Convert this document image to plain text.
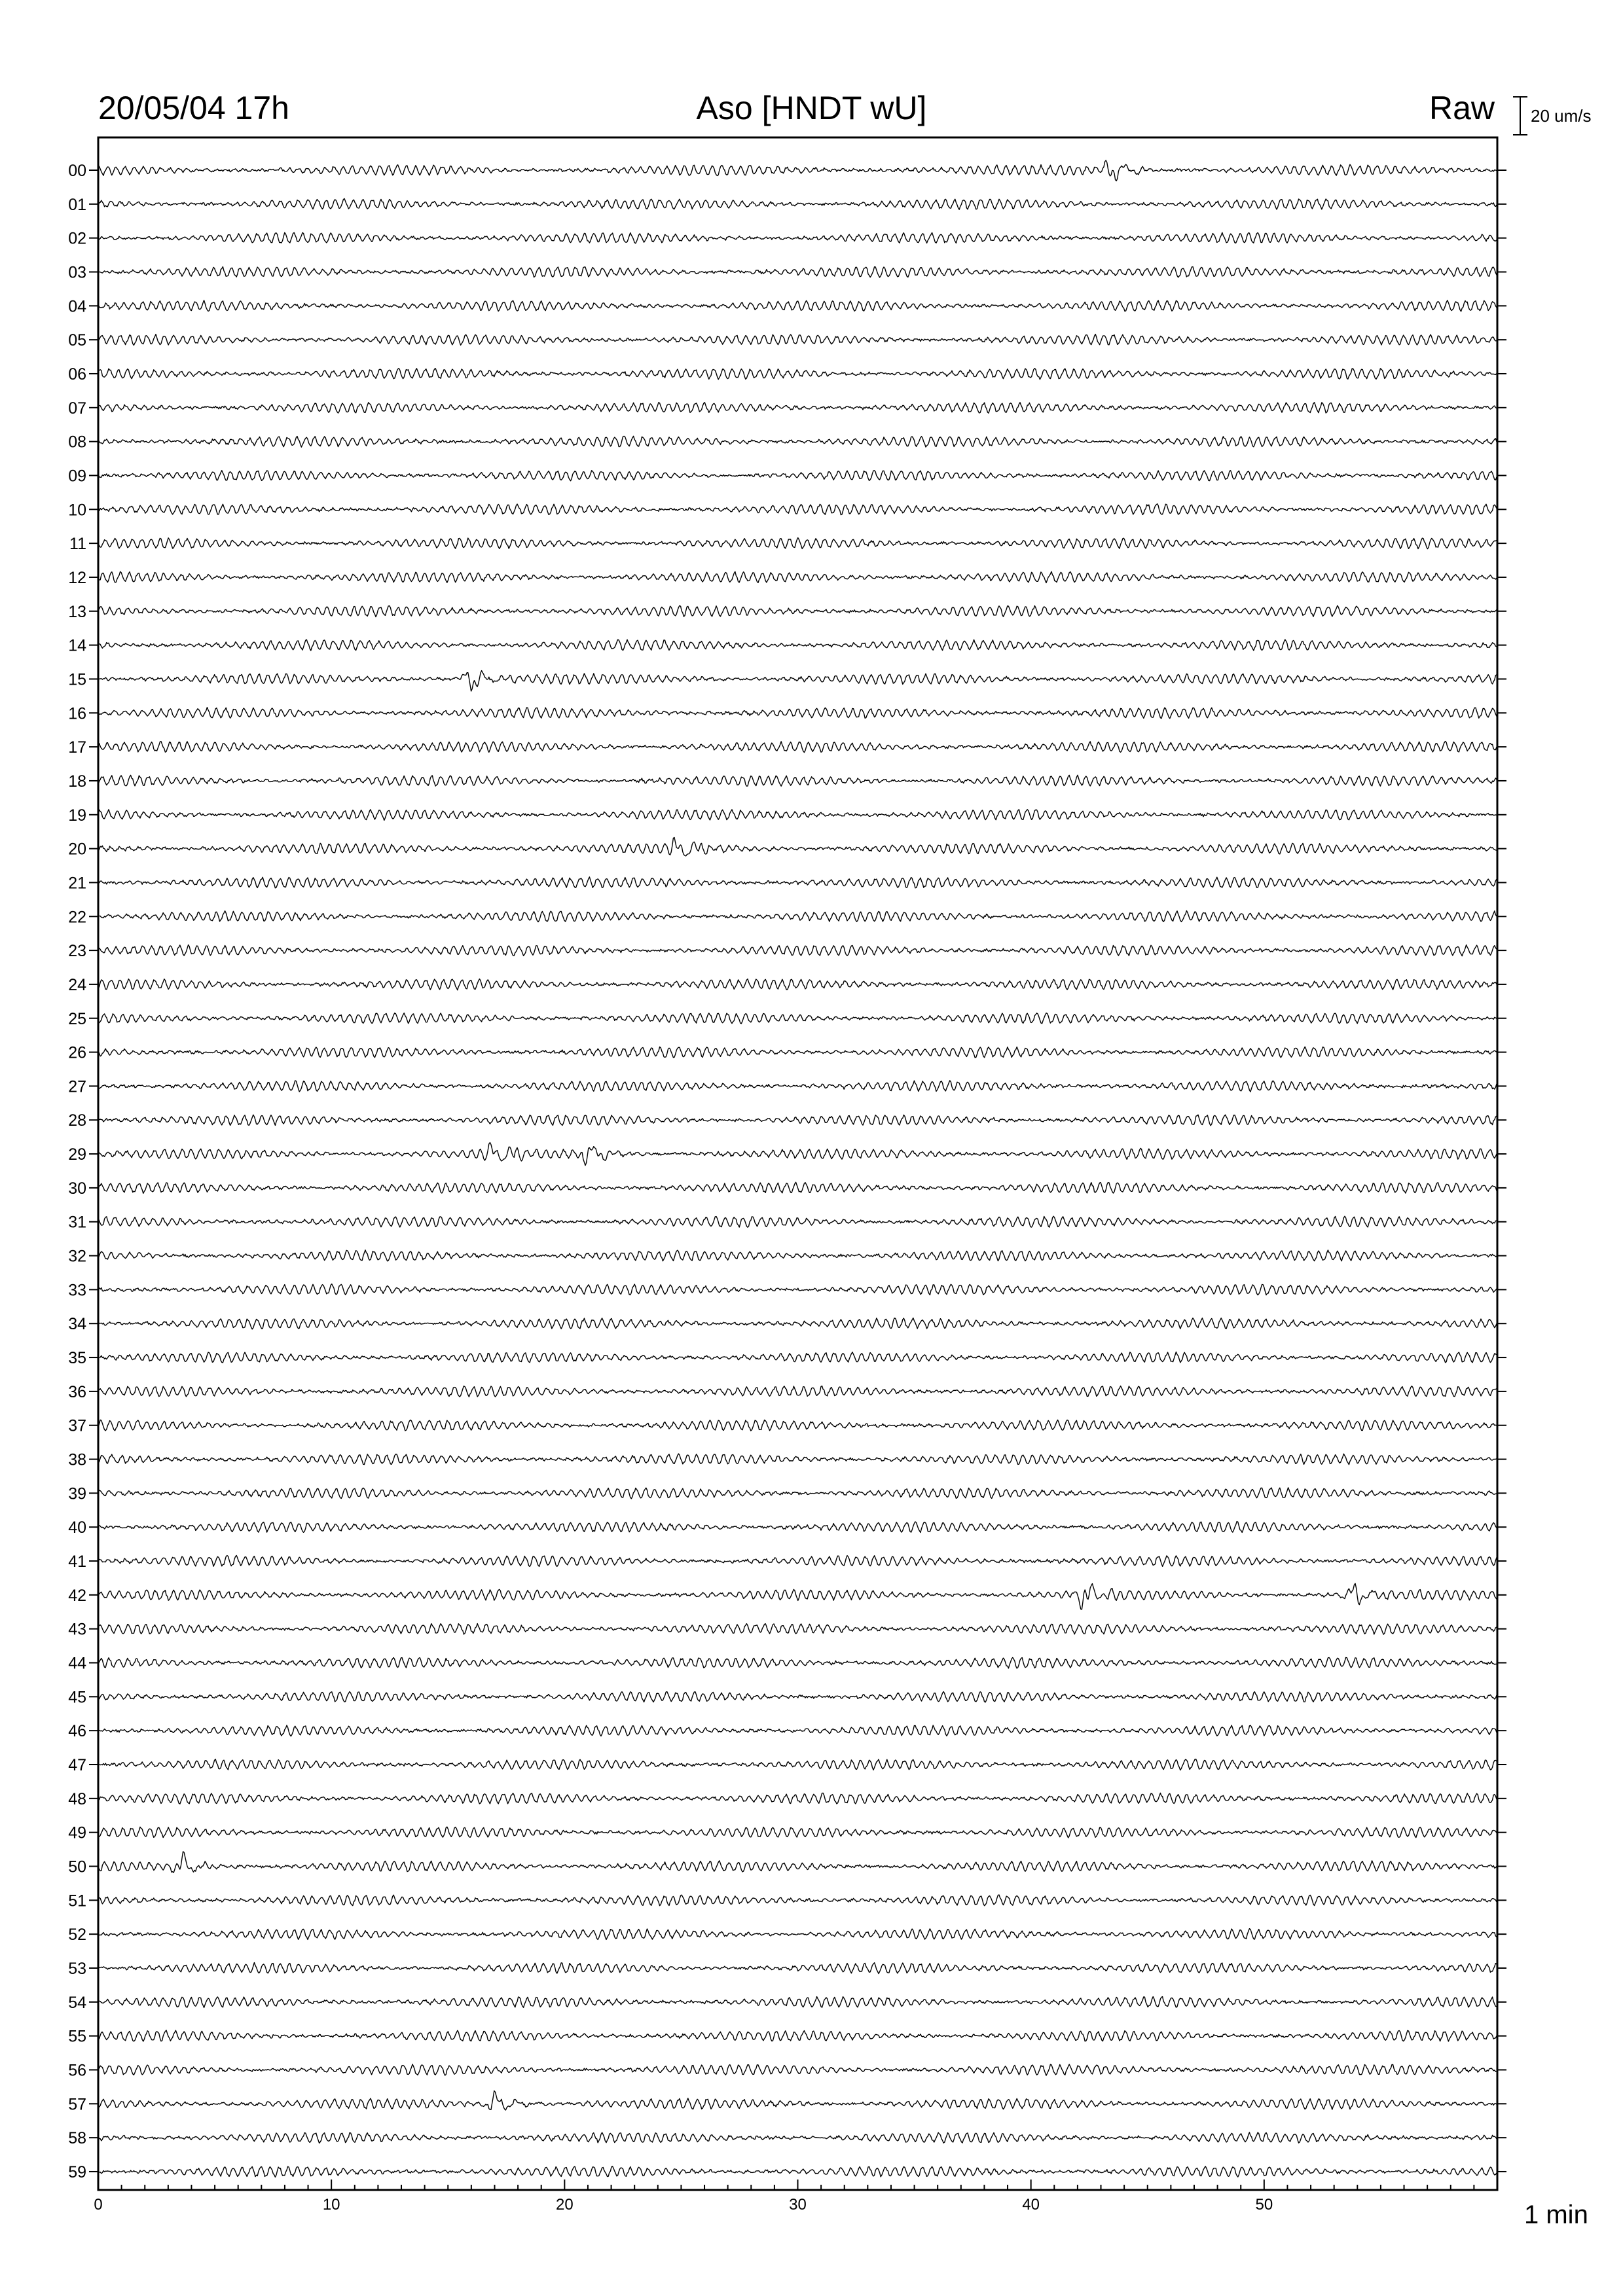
20/05/04 17h	Aso [HNDT wU]	Raw 20 um/s
1 min
00
01
02
03
04
05
06
07
08
09
10
11
12
13
14
15
16
17
18
19
20
21
22
23
24
25
26
27
28
29
30
31
32
33
34
35
36
37
38
39
40
41
42
43
44
45
46
47
48
49
50
51
52
53
54
55
56
57
58
59
0	10	20	30	40	50
